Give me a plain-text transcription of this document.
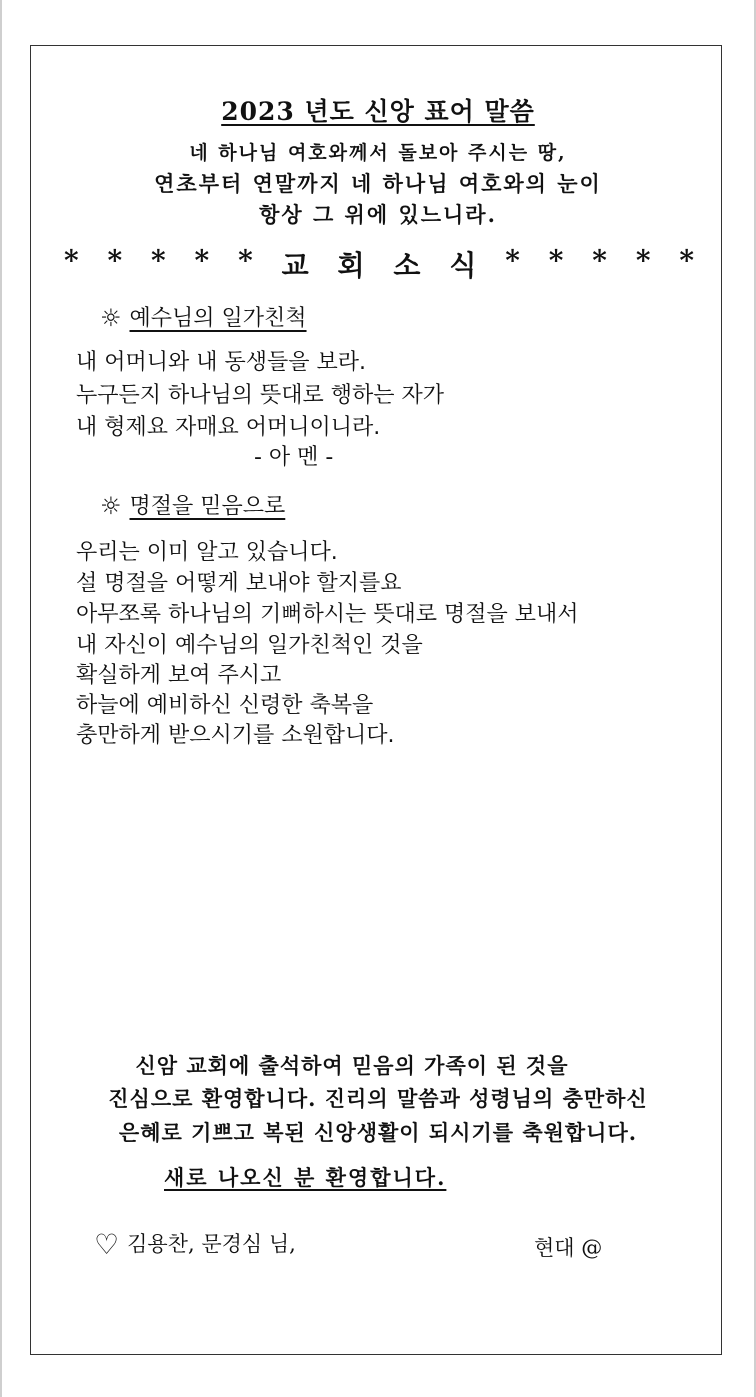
2023 년도 신앙 표어 말씀
네 하나님 여호와께서 돌보아 주시는 땅,
연초부터 연말까지 네 하나님 여호와의 눈이
항상 그 위에 있느니라.
* * * * * 교 회 소 식 * * * * *
☼ 예수님의 일가친척
내 어머니와 내 동생들을 보라.
누구든지 하나님의 뜻대로 행하는 자가
내 형제요 자매요 어머니이니라.
- 아 멘 -
☼ 명절을 믿음으로
우리는 이미 알고 있습니다.
설 명절을 어떻게 보내야 할지를요
아무쪼록 하나님의 기뻐하시는 뜻대로 명절을 보내서
내 자신이 예수님의 일가친척인 것을
확실하게 보여 주시고
하늘에 예비하신 신령한 축복을
충만하게 받으시기를 소원합니다.
신암 교회에 출석하여 믿음의 가족이 된 것을
진심으로 환영합니다. 진리의 말씀과 성령님의 충만하신
은혜로 기쁘고 복된 신앙생활이 되시기를 축원합니다.
새로 나오신 분 환영합니다.
♡ 김용찬, 문경심 님,	현대 @
